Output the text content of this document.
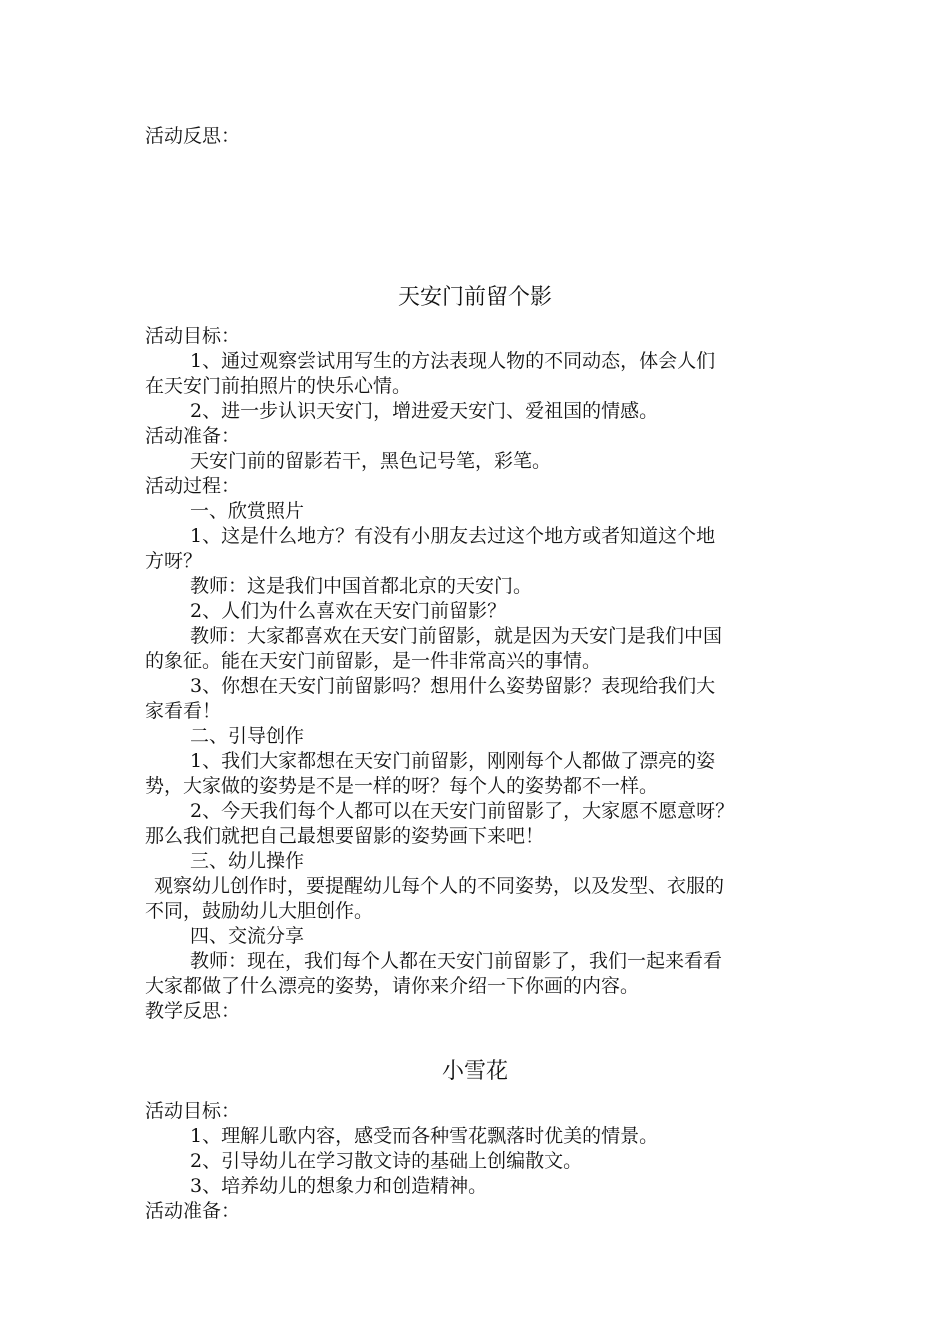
活动反思：
天安门前留个影
活动目标：
1、通过观察尝试用写生的方法表现人物的不同动态，体会人们
在天安门前拍照片的快乐心情。
2、进一步认识天安门，增进爱天安门、爱祖国的情感。
活动准备：
天安门前的留影若干，黑色记号笔，彩笔。
活动过程：
一、欣赏照片
1、这是什么地方？有没有小朋友去过这个地方或者知道这个地
方呀？
教师：这是我们中国首都北京的天安门。
2、人们为什么喜欢在天安门前留影？
教师：大家都喜欢在天安门前留影，就是因为天安门是我们中国
的象征。能在天安门前留影，是一件非常高兴的事情。
3、你想在天安门前留影吗？想用什么姿势留影？表现给我们大
家看看！
二、引导创作
1、我们大家都想在天安门前留影，刚刚每个人都做了漂亮的姿
势，大家做的姿势是不是一样的呀？每个人的姿势都不一样。
2、今天我们每个人都可以在天安门前留影了，大家愿不愿意呀？
那么我们就把自己最想要留影的姿势画下来吧！
三、幼儿操作
观察幼儿创作时，要提醒幼儿每个人的不同姿势，以及发型、衣服的
不同，鼓励幼儿大胆创作。
四、交流分享
教师：现在，我们每个人都在天安门前留影了，我们一起来看看
大家都做了什么漂亮的姿势，请你来介绍一下你画的内容。
教学反思：
小雪花
活动目标：
1、理解儿歌内容，感受而各种雪花飘落时优美的情景。
2、引导幼儿在学习散文诗的基础上创编散文。
3、培养幼儿的想象力和创造精神。
活动准备：
